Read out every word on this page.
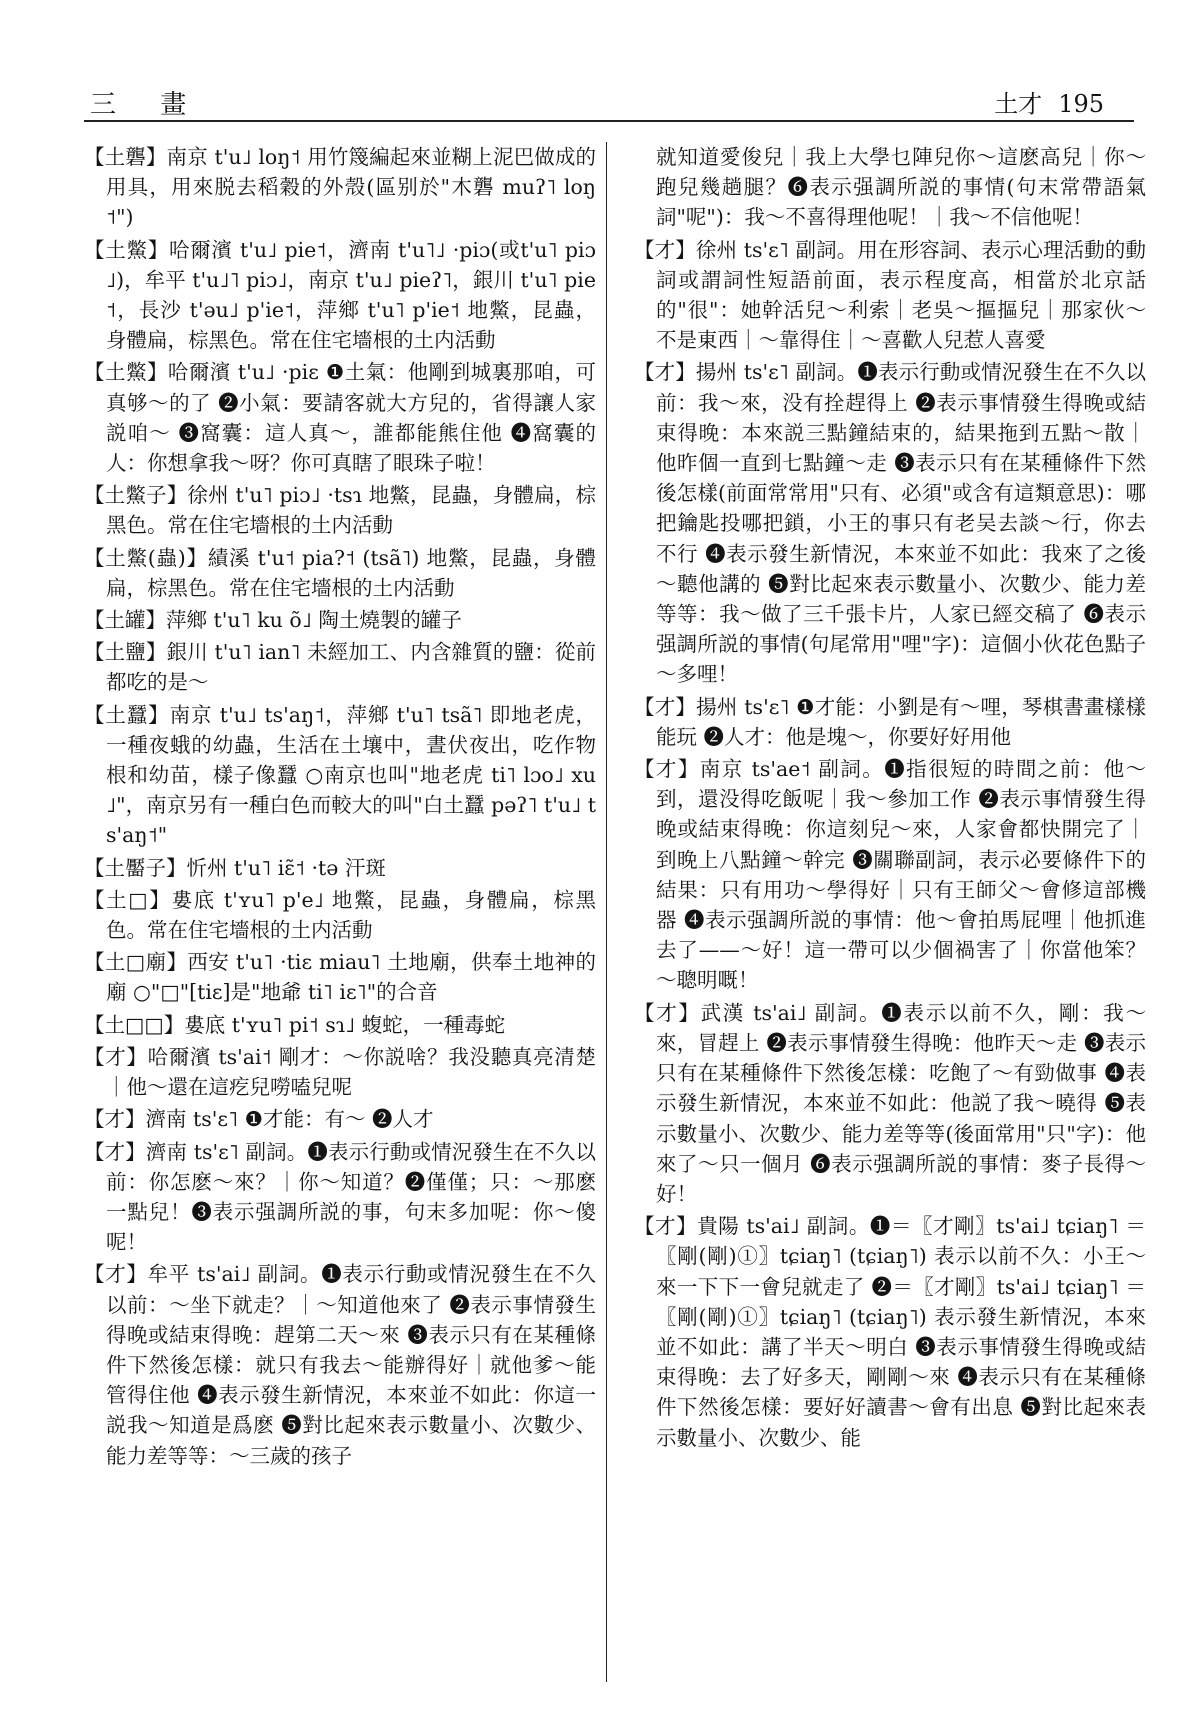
三 畫	土才 195

【土礱】南京 t'u˩ loŋ˦ 用竹篾編起來並糊上泥巴做成的用具，用來脱去稻穀的外殼(區别於"木礱 muʔ˥ loŋ˦")

【土鱉】哈爾濱 t'u˩ pie˦，濟南 t'u˥˩ ·piɔ(或t'u˥ piɔ˩)，牟平 t'u˩˥ piɔ˩，南京 t'u˩ pieʔ˥，銀川 t'u˥ pie˦，長沙 t'əu˩ p'ie˦，萍鄉 t'u˥ p'ie˦ 地鱉，昆蟲，身體扁，棕黑色。常在住宅墻根的土内活動

【土鱉】哈爾濱 t'u˩ ·piɛ ❶土氣：他剛到城裏那咱，可真够～的了 ❷小氣：要請客就大方兒的，省得讓人家説咱～ ❸窩囊：這人真～，誰都能熊住他 ❹窩囊的人：你想拿我～呀？你可真瞎了眼珠子啦！

【土鱉子】徐州 t'u˥ piɔ˩ ·tsɿ 地鱉，昆蟲，身體扁，棕黑色。常在住宅墻根的土内活動

【土鱉(蟲)】績溪 t'u˦ pia?˦ (tsã˥) 地鱉，昆蟲，身體扁，棕黑色。常在住宅墻根的土内活動

【土罐】萍鄉 t'u˥ ku õ˩ 陶土燒製的罐子

【土鹽】銀川 t'u˥ ian˥ 未經加工、内含雜質的鹽：從前都吃的是～

【土蠶】南京 t'u˩ ts'aŋ˦，萍鄉 t'u˥ tsã˥ 即地老虎，一種夜蛾的幼蟲，生活在土壤中，晝伏夜出，吃作物根和幼苗，樣子像蠶 ○南京也叫"地老虎 ti˥ lɔo˩ xu˩"，南京另有一種白色而較大的叫"白土蠶 pəʔ˥ t'u˩ ts'aŋ˦"

【土靨子】忻州 t'u˥ iɛ̃˦ ·tə 汗斑

【土□】婁底 t'ʏu˥ p'e˩ 地鱉，昆蟲，身體扁，棕黑色。常在住宅墻根的土内活動

【土□廟】西安 t'u˥ ·tiɛ miau˥ 土地廟，供奉土地神的廟 ○"□"[tiɛ]是"地爺 ti˥ iɛ˥"的合音

【土□□】婁底 t'ʏu˥ pi˦ sɿ˩ 蝮蛇，一種毒蛇

【才】哈爾濱 ts'ai˦ 剛才：～你説啥？我没聽真亮清楚｜他～還在這疙兒嘮嗑兒呢

【才】濟南 ts'ɛ˥ ❶才能：有～ ❷人才

【才】濟南 ts'ɛ˥ 副詞。❶表示行動或情況發生在不久以前：你怎麽～來？｜你～知道？❷僅僅；只：～那麽一點兒！❸表示强調所説的事，句末多加呢：你～傻呢！

【才】牟平 ts'ai˩ 副詞。❶表示行動或情況發生在不久以前：～坐下就走？｜～知道他來了 ❷表示事情發生得晚或結束得晚：趕第二天～來 ❸表示只有在某種條件下然後怎樣：就只有我去～能辦得好｜就他爹～能管得住他 ❹表示發生新情況，本來並不如此：你這一説我～知道是爲麽 ❺對比起來表示數量小、次數少、能力差等等：～三歲的孩子

就知道愛俊兒｜我上大學乜陣兒你～這麽高兒｜你～跑兒幾趟腿？❻表示强調所説的事情(句末常帶語氣詞"呢")：我～不喜得理他呢！｜我～不信他呢！

【才】徐州 ts'ɛ˥ 副詞。用在形容詞、表示心理活動的動詞或謂詞性短語前面，表示程度高，相當於北京話的"很"：她幹活兒～利索｜老吳～摳摳兒｜那家伙～不是東西｜～靠得住｜～喜歡人兒惹人喜愛

【才】揚州 ts'ɛ˥ 副詞。❶表示行動或情況發生在不久以前：我～來，没有拴趕得上 ❷表示事情發生得晚或結束得晚：本來説三點鐘結束的，結果拖到五點～散｜他昨個一直到七點鐘～走 ❸表示只有在某種條件下然後怎樣(前面常常用"只有、必須"或含有這類意思)：哪把鑰匙投哪把鎖，小王的事只有老吴去談～行，你去不行 ❹表示發生新情況，本來並不如此：我來了之後～聽他講的 ❺對比起來表示數量小、次數少、能力差等等：我～做了三千張卡片，人家已經交稿了 ❻表示强調所説的事情(句尾常用"哩"字)：這個小伙花色點子～多哩！

【才】揚州 ts'ɛ˥ ❶才能：小劉是有～哩，琴棋書畫樣樣能玩 ❷人才：他是塊～，你要好好用他

【才】南京 ts'ae˦ 副詞。❶指很短的時間之前：他～到，還没得吃飯呢｜我～參加工作 ❷表示事情發生得晚或結束得晚：你這刻兒～來，人家會都快開完了｜到晚上八點鐘～幹完 ❸關聯副詞，表示必要條件下的結果：只有用功～學得好｜只有王師父～會修這部機器 ❹表示强調所説的事情：他～會拍馬屁哩｜他抓進去了——～好！這一帶可以少個禍害了｜你當他笨？～聰明嘅！

【才】武漢 ts'ai˩ 副詞。❶表示以前不久，剛：我～來，冒趕上 ❷表示事情發生得晚：他昨天～走 ❸表示只有在某種條件下然後怎樣：吃飽了～有勁做事 ❹表示發生新情況，本來並不如此：他説了我～曉得 ❺表示數量小、次數少、能力差等等(後面常用"只"字)：他來了～只一個月 ❻表示强調所説的事情：麥子長得～好！

【才】貴陽 ts'ai˩ 副詞。❶＝〖才剛〗ts'ai˩ tɕiaŋ˥ ＝〖剛(剛)①〗tɕiaŋ˥ (tɕiaŋ˥) 表示以前不久：小王～來一下下一會兒就走了 ❷＝〖才剛〗ts'ai˩ tɕiaŋ˥ ＝〖剛(剛)①〗tɕiaŋ˥ (tɕiaŋ˥) 表示發生新情況，本來並不如此：講了半天～明白 ❸表示事情發生得晚或結束得晚：去了好多天，剛剛～來 ❹表示只有在某種條件下然後怎樣：要好好讀書～會有出息 ❺對比起來表示數量小、次數少、能
